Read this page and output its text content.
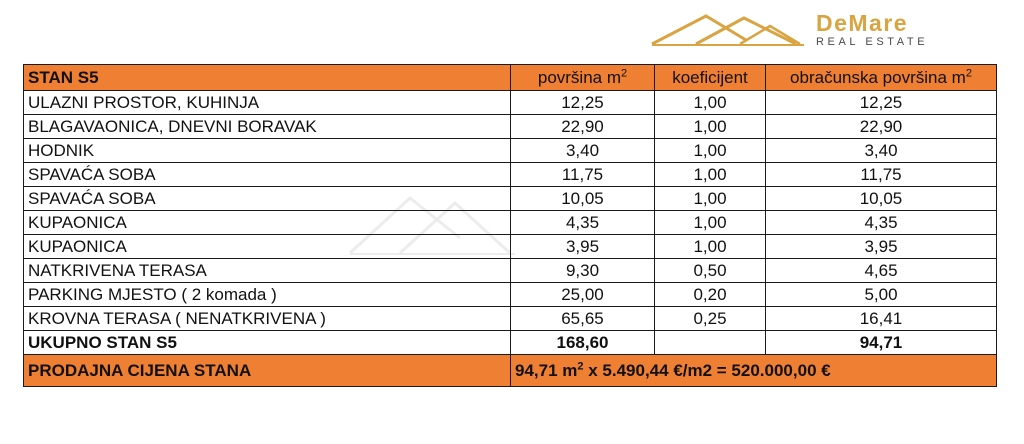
DeMare
REAL ESTATE
STAN S5	površina $m^2$	koeficijent	obračunska površina $m^2$
ULAZNI PROSTOR, KUHINJA	12,25	1,00	12,25
BLAGAVAONICA, DNEVNI BORAVAK	22,90	1,00	22,90
HODNIK	3,40	1,00	3,40
SPAVAĆA SOBA	11,75	1,00	11,75
SPAVAĆA SOBA	10,05	1,00	10,05
KUPAONICA	4,35	1,00	4,35
KUPAONICA	3,95	1,00	3,95
NATKRIVENA TERASA	9,30	0,50	4,65
PARKING MJESTO ( 2 komada )	25,00	0,20	5,00
KROVNA TERASA ( NENATKRIVENA )	65,65	0,25	16,41
UKUPNO STAN S5	168,60		94,71
PRODAJNA CIJENA STANA	94,71 $m^2$ x 5.490,44 €/m2 = 520.000,00 €		
